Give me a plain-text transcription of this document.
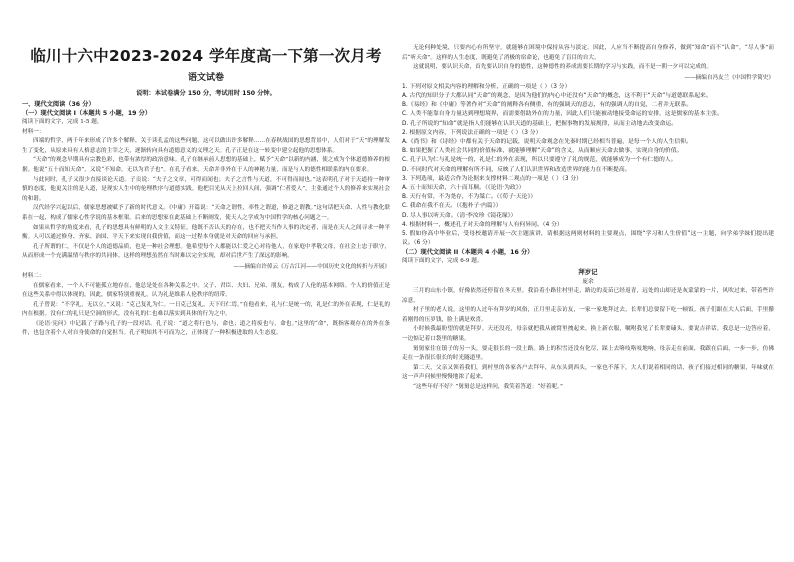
临川十六中2023-2024 学年度高一下第一次月考
语文试卷
说明：本试卷满分 150 分，考试用时 150 分钟。

一、现代文阅读（36 分）

（一）现代文阅读 I（本题共 5 小题，19 分）

阅读下面的文字，完成 1-5 题。

材料一：

四端的哲学，两千年来形成了许多个解释，关于读孔孟的这些问题，这可以做出许多解释……在春秋战国的思想背景中，人们对于“天”的理解发生了变化，从原来具有人格意志的主宰之天，逐渐转向具有道德意义的义理之天。孔子正是在这一转变中建立起他的思想体系。

“天命”的观念早期具有宗教色彩，也带有浓厚的政治意味。孔子在继承前人思想的基础上，赋予“天命”以新的内涵，使之成为个体道德修养的根据。他说“五十而知天命”，又说“不知命，无以为君子也”。在孔子看来，天命并非外在于人的神秘力量，而是与人的德性相联系的内在要求。

与此同时，孔子又很少直接谈论天道。子贡说：“夫子之文章，可得而闻也；夫子之言性与天道，不可得而闻也。”这表明孔子对于天道持一种审慎的态度，他更关注的是人道，是现实人生中的伦理秩序与道德实践。他把目光从天上拉回人间，强调“仁者爱人”，主张通过个人的修养来实现社会的和谐。

汉代经学兴起以后，儒家思想被赋予了新的时代意义。《中庸》开篇说：“天命之谓性，率性之谓道，修道之谓教。”这句话把天命、人性与教化联系在一起，构成了儒家心性学说的基本框架。后来的思想家在此基础上不断阐发，使天人之学成为中国哲学的核心问题之一。

如果从哲学的角度来看，孔子的思想具有鲜明的人文主义特征。他既不否认天的存在，也不把天当作人事的决定者，而是在天人之间寻求一种平衡。人可以通过修身、齐家、治国、平天下来实现自我价值，而这一过程本身就是对天命的回应与承担。

孔子所谓的仁，不仅是个人的道德品质，也是一种社会理想。他希望每个人都能以仁爱之心对待他人，在家庭中孝敬父母，在社会上忠于职守，从而形成一个充满温情与秩序的共同体。这样的理想虽然在当时难以完全实现，却对后世产生了深远的影响。

——摘编自许倬云《万古江河——中国历史文化的转折与开展》

材料二：

在儒家看来，一个人不可能孤立地存在，他总是处在各种关系之中。父子、君臣、夫妇、兄弟、朋友，构成了人伦的基本网络。个人的价值正是在这些关系中得以体现的。因此，儒家特别重视礼，认为礼是维系人伦秩序的纽带。

孔子曾说：“不学礼，无以立。”又说：“克己复礼为仁。一日克己复礼，天下归仁焉。”在他看来，礼与仁是统一的，礼是仁的外在表现，仁是礼的内在根据。没有仁的礼只是空洞的形式，没有礼的仁也难以落实到具体的行为之中。

《论语·宪问》中记载了子路与孔子的一段对话。孔子说：“道之将行也与，命也；道之将废也与，命也。”这里的“命”，既指客观存在的外在条件，也包含着个人对自身使命的自觉担当。孔子明知其不可而为之，正体现了一种积极进取的人生态度。

无论何种处境，只要内心有所坚守，就能够在困境中保持从容与淡定。因此，人应当不断提高自身修养，做到“知命”而不“认命”，“尽人事”而后“听天命”。这样的人生态度，既避免了消极的宿命论，也避免了盲目的自大。

这就说明，要认识天命，首先要认识自身的德性，这种德性的养成需要长期的学习与实践，而不是一朝一夕可以完成的。

——摘编自冯友兰《中国哲学简史》

1. 下列对原文相关内容的理解和分析，正确的一项是（ ）（3 分）

A. 古代的知识分子大都认同“天命”的观念，是因为他们的内心中还没有“天命”的概念，这不利于“天命”与道德联系起来。

B.《易经》和《中庸》等著作对“天命”的阐释各有侧重，有的强调天的意志，有的强调人的自觉，二者并无联系。

C. 人类不能靠自身力量达到理想境界，而需要借助外在的力量，因此人们只能被动地接受命运的安排，这是儒家的基本主张。

D. 孔子所说的“知命”就是指人们能够在认识天道的基础上，把握事物的发展规律，从而主动地去改变命运。

2. 根据原文内容，下列说法正确的一项是（ ）（3 分）

A.《尚书》和《诗经》中都有关于天命的记载，说明天命观念在先秦时期已经相当普遍，是每一个人的人生信仰。

B. 如果把握了人类社会共同的价值标准，就能够理解“天命”的含义，从而顺应天命去做事，实现自身的价值。

C. 孔子认为仁与礼是统一的，礼是仁的外在表现，所以只要遵守了礼的规范，就能够成为一个有仁德的人。

D. 不同时代对天命的理解有所不同，反映了人们认识世界和改造世界的能力在不断提高。

3. 下列选项，最适合作为论据来支撑材料二观点的一项是（ ）（3 分）

A. 五十而知天命，六十而耳顺。（《论语·为政》）

B. 天行有常，不为尧存，不为桀亡。（《荀子·天论》）

C. 我命在我不在天。（《抱朴子·内篇》）

D. 尽人事以听天命。（清·李汝珍《镜花缘》）

4. 根据材料一，概述孔子对天命的理解与人有何异同。（4 分）

5. 假如你高中毕业后，受母校邀请开展一次主题演讲，请根据这两则材料的主要观点，围绕“学习和人生价值”这一主题，向学弟学妹们提出建议。（6 分）

（二）现代文阅读 II（本题共 4 小题，16 分）

阅读下面的文字，完成 6-9 题。

拜岁记

庞余

三月的山东小镇，好像依然还停留在冬天里。我沿着小路往村里走，路边的麦苗已经返青，远处的山却还是灰蒙蒙的一片，风吹过来，带着些许凉意。

村子里的老人说，这里的人过年有拜岁的风俗，正月里走亲访友，一家一家地拜过去，长辈们总要留下吃一顿饭。孩子们跟在大人后面，手里攥着刚得的压岁钱，脸上满是欢喜。

小时候我最盼望的就是拜岁。天还没亮，母亲就把我从被窝里拽起来，换上新衣服，嘱咐我见了长辈要磕头，要说吉祥话。我总是一边答应着，一边惦记着口袋里的糖果。

舅舅家住在镇子的另一头，要走很长的一段土路。路上的积雪还没有化尽，踩上去咯吱咯吱地响。母亲走在前面，我跟在后面，一步一步，仿佛走在一条很长很长的时光隧道里。

第二天，父亲又领着我们，到村里的各家各户去拜年，从东头到西头，一家也不落下，大人们说着相同的话，孩子们接过相同的糖果，年味就在这一声声问候里慢慢地浓了起来。

“这些年好不好？”舅舅总是这样问，我笑着答道：“好着呢。”
